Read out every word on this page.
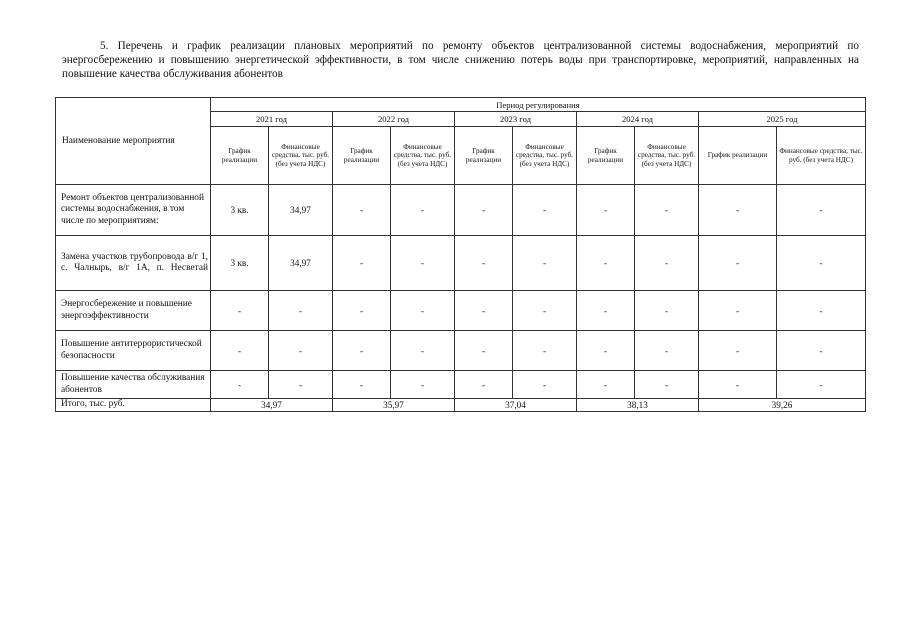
5. Перечень и график реализации плановых мероприятий по ремонту объектов централизованной системы водоснабжения, мероприятий по энергосбережению и повышению энергетической эффективности, в том числе снижению потерь воды при транспортировке, мероприятий, направленных на повышение качества обслуживания абонентов
Наименование мероприятия	Период регулирования									
	2021 год		2022 год		2023 год		2024 год		2025 год	
	График реализации	Финансовые средства, тыс. руб. (без учета НДС)	График реализации	Финансовые средства, тыс. руб. (без учета НДС)	График реализации	Финансовые средства, тыс. руб. (без учета НДС)	График реализации	Финансовые средства, тыс. руб. (без учета НДС)	График реализации	Финансовые средства, тыс. руб. (без учета НДС)
Ремонт объектов централизованной системы водоснабжения, в том числе по мероприятиям:	3 кв.	34,97	-	-	-	-	-	-	-	-
Замена участков трубопровода в/г 1, с. Чалнырь, в/г 1А, п. Несветай	3 кв.	34,97	-	-	-	-	-	-	-	-
Энергосбережение и повышение энергоэффективности	-	-	-	-	-	-	-	-	-	-
Повышение антитеррористической безопасности	-	-	-	-	-	-	-	-	-	-
Повышение качества обслуживания абонентов	-	-	-	-	-	-	-	-	-	-
Итого, тыс. руб.	34,97		35,97		37,04		38,13		39,26	
